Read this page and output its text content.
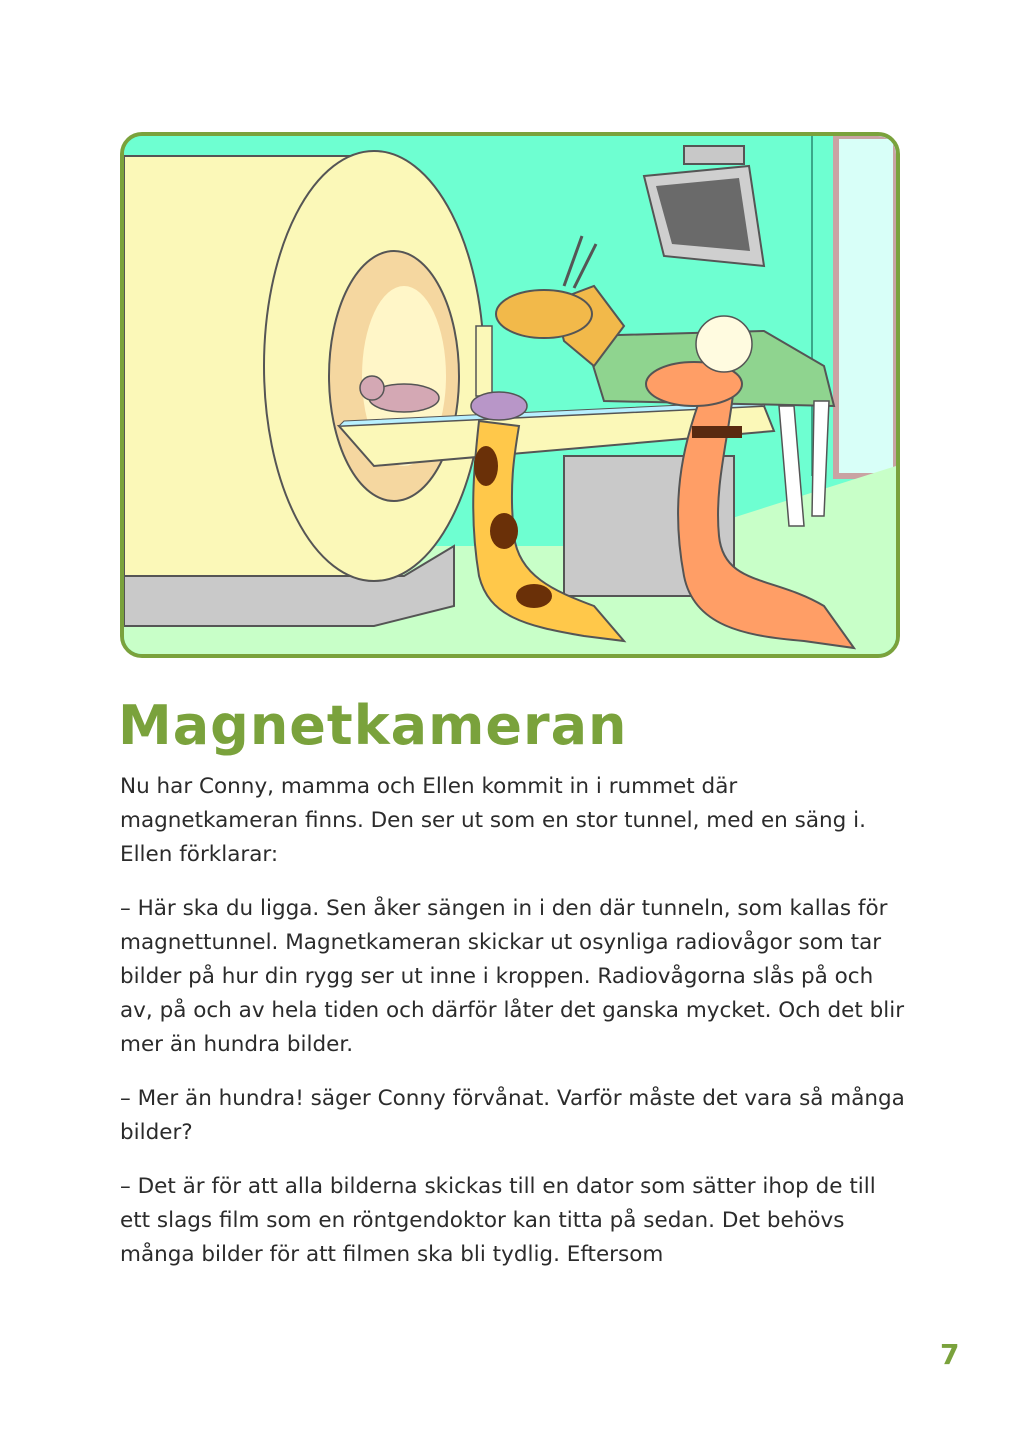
Magnetkameran

Nu har Conny, mamma och Ellen kommit in i rummet där magnetkameran finns. Den ser ut som en stor tunnel, med en säng i. Ellen förklarar:

– Här ska du ligga. Sen åker sängen in i den där tunneln, som kallas för magnettunnel. Magnetkameran skickar ut osynliga radiovågor som tar bilder på hur din rygg ser ut inne i kroppen. Radiovågorna slås på och av, på och av hela tiden och därför låter det ganska mycket. Och det blir mer än hundra bilder.

– Mer än hundra! säger Conny förvånat. Varför måste det vara så många bilder?

– Det är för att alla bilderna skickas till en dator som sätter ihop de till ett slags film som en röntgendoktor kan titta på sedan. Det behövs många bilder för att filmen ska bli tydlig. Eftersom

7
